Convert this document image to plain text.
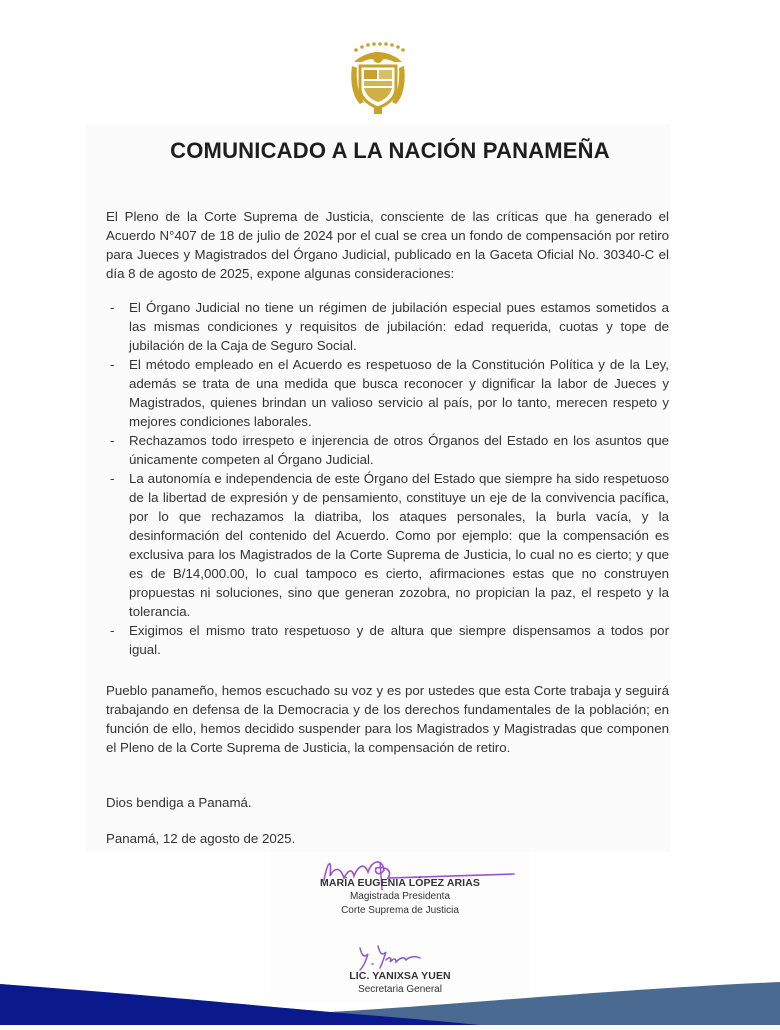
COMUNICADO A LA NACIÓN PANAMEÑA

El Pleno de la Corte Suprema de Justicia, consciente de las críticas que ha generado el Acuerdo N°407 de 18 de julio de 2024 por el cual se crea un fondo de compensación por retiro para Jueces y Magistrados del Órgano Judicial, publicado en la Gaceta Oficial No. 30340-C el día 8 de agosto de 2025, expone algunas consideraciones:

- El Órgano Judicial no tiene un régimen de jubilación especial pues estamos sometidos a las mismas condiciones y requisitos de jubilación: edad requerida, cuotas y tope de jubilación de la Caja de Seguro Social.
- El método empleado en el Acuerdo es respetuoso de la Constitución Política y de la Ley, además se trata de una medida que busca reconocer y dignificar la labor de Jueces y Magistrados, quienes brindan un valioso servicio al país, por lo tanto, merecen respeto y mejores condiciones laborales.
- Rechazamos todo irrespeto e injerencia de otros Órganos del Estado en los asuntos que únicamente competen al Órgano Judicial.
- La autonomía e independencia de este Órgano del Estado que siempre ha sido respetuoso de la libertad de expresión y de pensamiento, constituye un eje de la convivencia pacífica, por lo que rechazamos la diatriba, los ataques personales, la burla vacía, y la desinformación del contenido del Acuerdo. Como por ejemplo: que la compensación es exclusiva para los Magistrados de la Corte Suprema de Justicia, lo cual no es cierto; y que es de B/14,000.00, lo cual tampoco es cierto, afirmaciones estas que no construyen propuestas ni soluciones, sino que generan zozobra, no propician la paz, el respeto y la tolerancia.
- Exigimos el mismo trato respetuoso y de altura que siempre dispensamos a todos por igual.

Pueblo panameño, hemos escuchado su voz y es por ustedes que esta Corte trabaja y seguirá trabajando en defensa de la Democracia y de los derechos fundamentales de la población; en función de ello, hemos decidido suspender para los Magistrados y Magistradas que componen el Pleno de la Corte Suprema de Justicia, la compensación de retiro.

Dios bendiga a Panamá.

Panamá, 12 de agosto de 2025.

MARÍA EUGENIA LÓPEZ ARIAS
Magistrada Presidenta
Corte Suprema de Justicia
LIC. YANIXSA YUEN
Secretaria General
